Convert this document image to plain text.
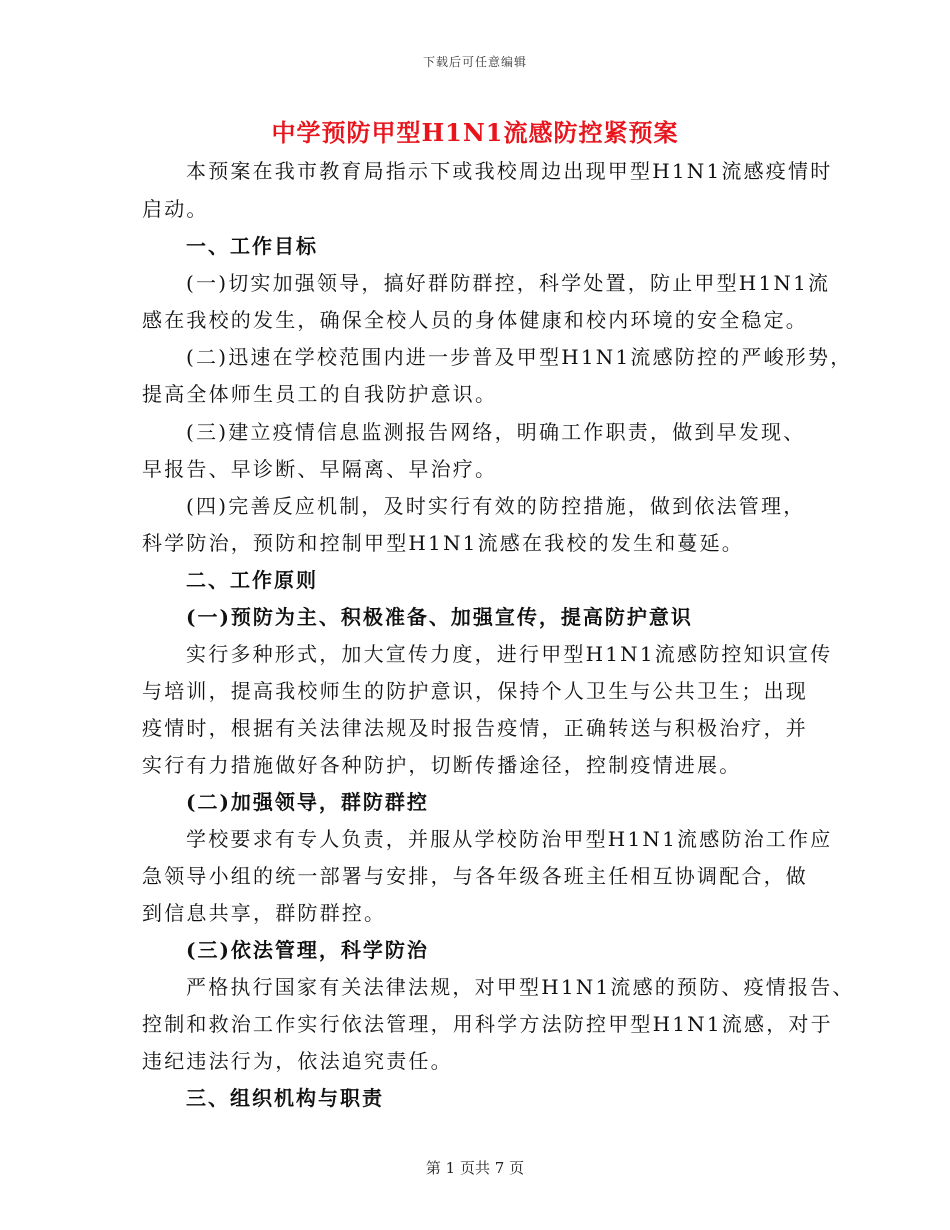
下载后可任意编辑
中学预防甲型H1N1流感防控紧预案
本预案在我市教育局指示下或我校周边出现甲型H1N1流感疫情时
启动。
一、工作目标
(一)切实加强领导，搞好群防群控，科学处置，防止甲型H1N1流
感在我校的发生，确保全校人员的身体健康和校内环境的安全稳定。
(二)迅速在学校范围内进一步普及甲型H1N1流感防控的严峻形势，
提高全体师生员工的自我防护意识。
(三)建立疫情信息监测报告网络，明确工作职责，做到早发现、
早报告、早诊断、早隔离、早治疗。
(四)完善反应机制，及时实行有效的防控措施，做到依法管理，
科学防治，预防和控制甲型H1N1流感在我校的发生和蔓延。
二、工作原则
(一)预防为主、积极准备、加强宣传，提高防护意识
实行多种形式，加大宣传力度，进行甲型H1N1流感防控知识宣传
与培训，提高我校师生的防护意识，保持个人卫生与公共卫生；出现
疫情时，根据有关法律法规及时报告疫情，正确转送与积极治疗，并
实行有力措施做好各种防护，切断传播途径，控制疫情进展。
(二)加强领导，群防群控
学校要求有专人负责，并服从学校防治甲型H1N1流感防治工作应
急领导小组的统一部署与安排，与各年级各班主任相互协调配合，做
到信息共享，群防群控。
(三)依法管理，科学防治
严格执行国家有关法律法规，对甲型H1N1流感的预防、疫情报告、
控制和救治工作实行依法管理，用科学方法防控甲型H1N1流感，对于
违纪违法行为，依法追究责任。
三、组织机构与职责
第 1 页共 7 页
